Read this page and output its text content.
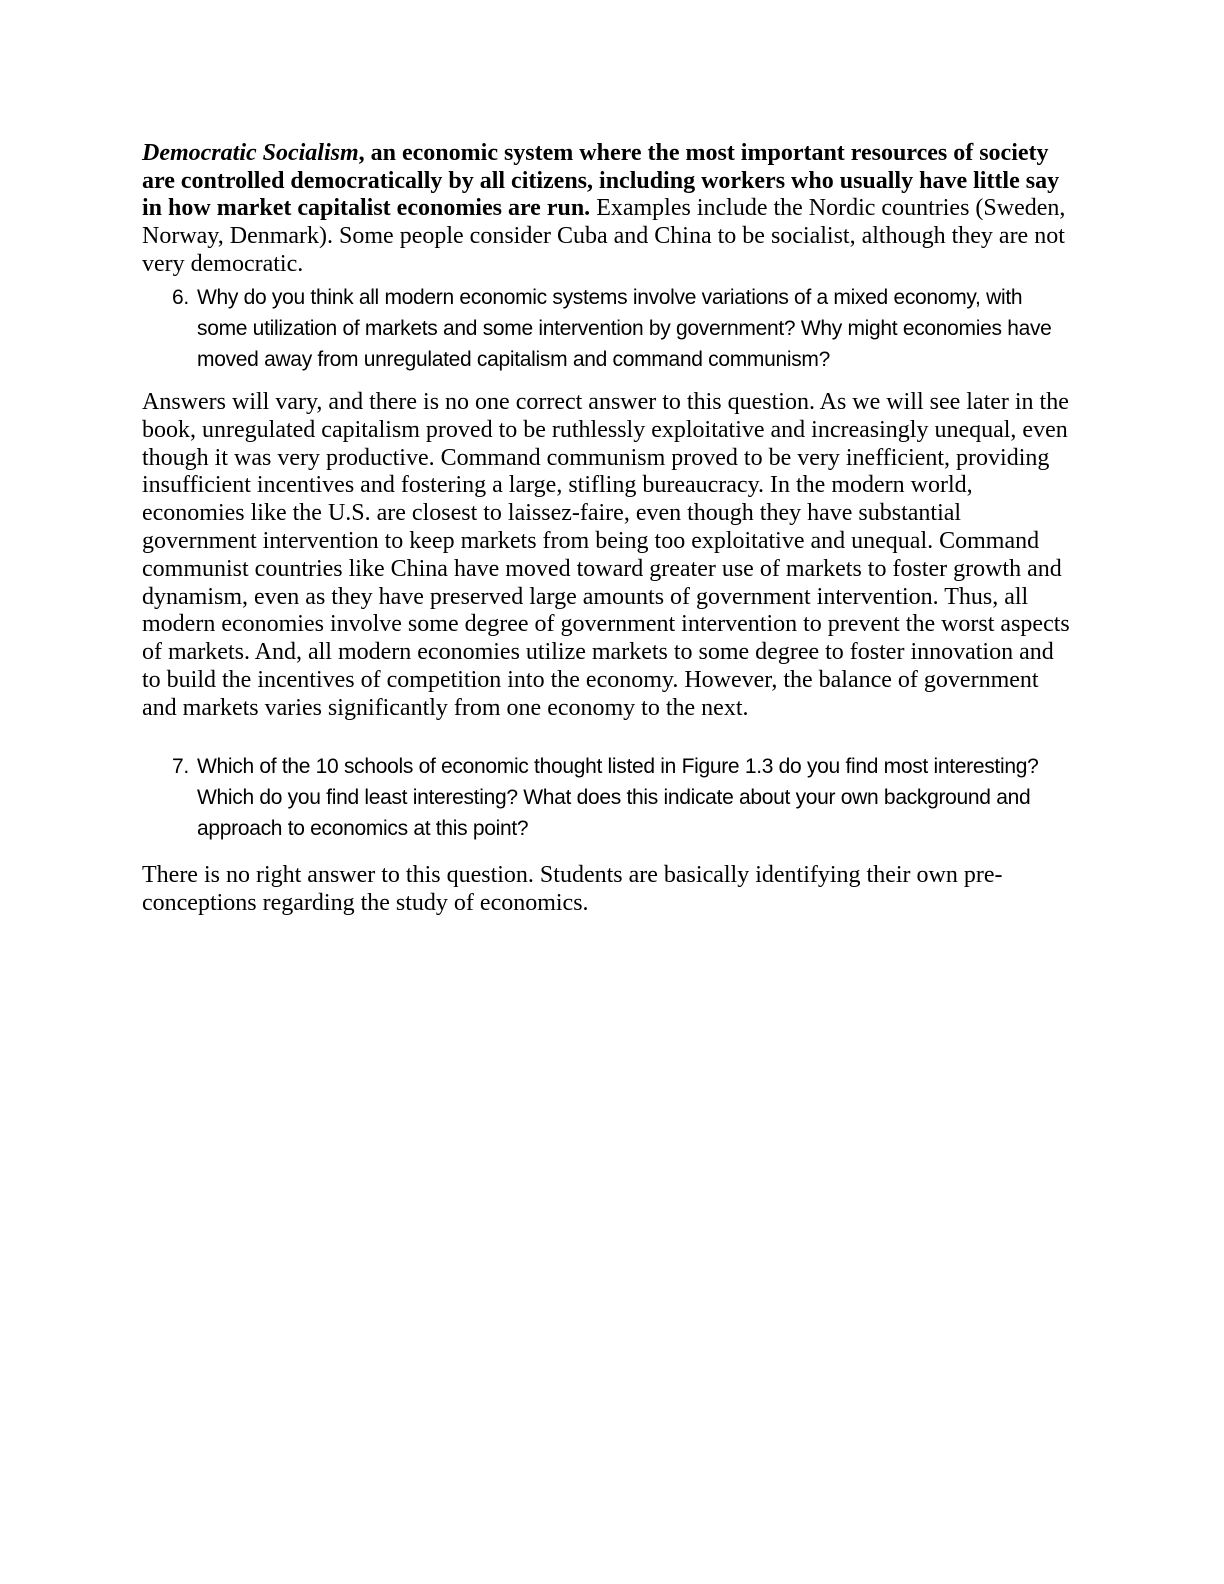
Democratic Socialism, an economic system where the most important resources of society
are controlled democratically by all citizens, including workers who usually have little say
in how market capitalist economies are run. Examples include the Nordic countries (Sweden,
Norway, Denmark). Some people consider Cuba and China to be socialist, although they are not
very democratic.
6. Why do you think all modern economic systems involve variations of a mixed economy, with
some utilization of markets and some intervention by government? Why might economies have
moved away from unregulated capitalism and command communism?
Answers will vary, and there is no one correct answer to this question. As we will see later in the
book, unregulated capitalism proved to be ruthlessly exploitative and increasingly unequal, even
though it was very productive. Command communism proved to be very inefficient, providing
insufficient incentives and fostering a large, stifling bureaucracy. In the modern world,
economies like the U.S. are closest to laissez-faire, even though they have substantial
government intervention to keep markets from being too exploitative and unequal. Command
communist countries like China have moved toward greater use of markets to foster growth and
dynamism, even as they have preserved large amounts of government intervention. Thus, all
modern economies involve some degree of government intervention to prevent the worst aspects
of markets. And, all modern economies utilize markets to some degree to foster innovation and
to build the incentives of competition into the economy. However, the balance of government
and markets varies significantly from one economy to the next.
7. Which of the 10 schools of economic thought listed in Figure 1.3 do you find most interesting?
Which do you find least interesting? What does this indicate about your own background and
approach to economics at this point?
There is no right answer to this question. Students are basically identifying their own pre-
conceptions regarding the study of economics.
